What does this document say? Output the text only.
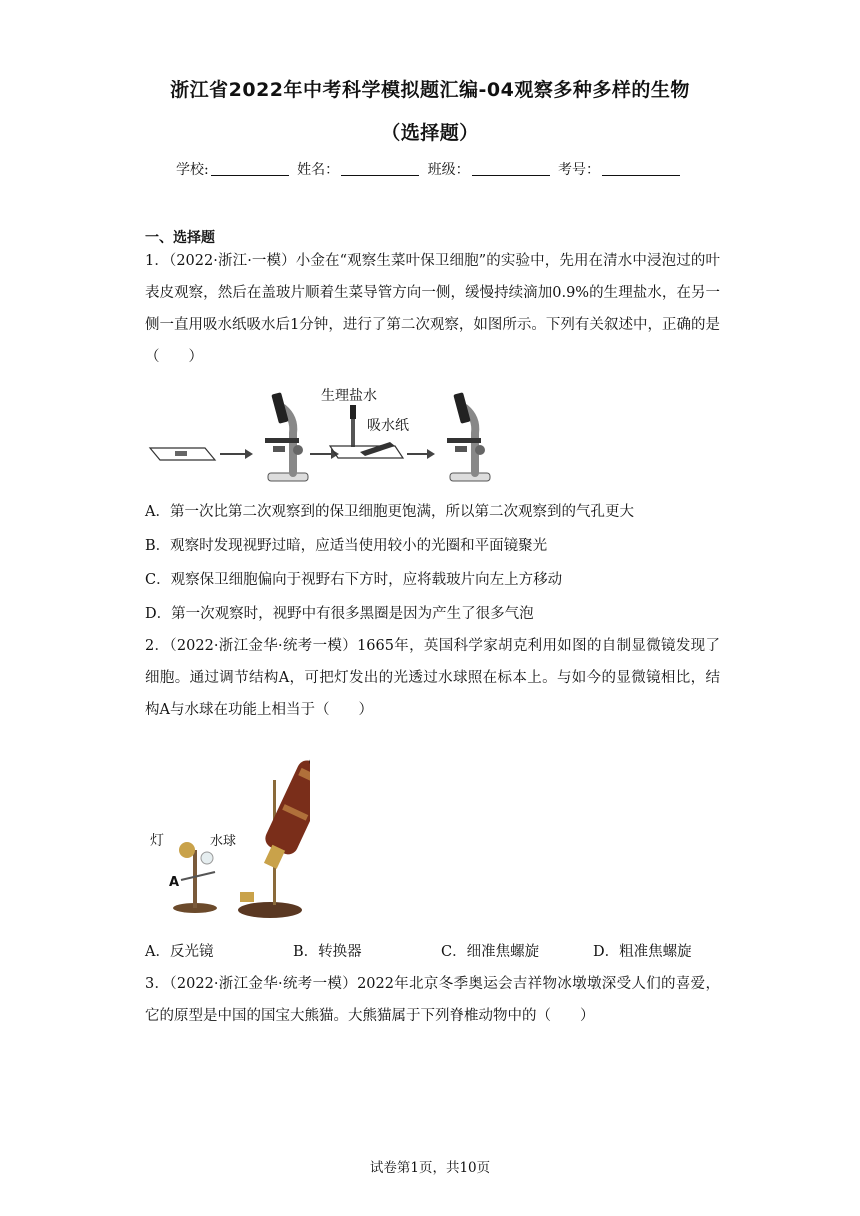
浙江省2022年中考科学模拟题汇编-04观察多种多样的生物
（选择题）
学校:	姓名：	班级：	考号：
一、选择题
1．（2022·浙江·一模）小金在“观察生菜叶保卫细胞”的实验中，先用在清水中浸泡过的叶表皮观察，然后在盖玻片顺着生菜导管方向一侧，缓慢持续滴加0.9%的生理盐水，在另一侧一直用吸水纸吸水后1分钟，进行了第二次观察，如图所示。下列有关叙述中，正确的是（　　）
生理盐水
吸水纸
A．第一次比第二次观察到的保卫细胞更饱满，所以第二次观察到的气孔更大
B．观察时发现视野过暗，应适当使用较小的光圈和平面镜聚光
C．观察保卫细胞偏向于视野右下方时，应将载玻片向左上方移动
D．第一次观察时，视野中有很多黑圈是因为产生了很多气泡
2．（2022·浙江金华·统考一模）1665年，英国科学家胡克利用如图的自制显微镜发现了细胞。通过调节结构A，可把灯发出的光透过水球照在标本上。与如今的显微镜相比，结构A与水球在功能上相当于（　　）
灯	水球
A
A．反光镜	B．转换器	C．细准焦螺旋	D．粗准焦螺旋
3．（2022·浙江金华·统考一模）2022年北京冬季奥运会吉祥物冰墩墩深受人们的喜爱，它的原型是中国的国宝大熊猫。大熊猫属于下列脊椎动物中的（　　）
试卷第1页，共10页
